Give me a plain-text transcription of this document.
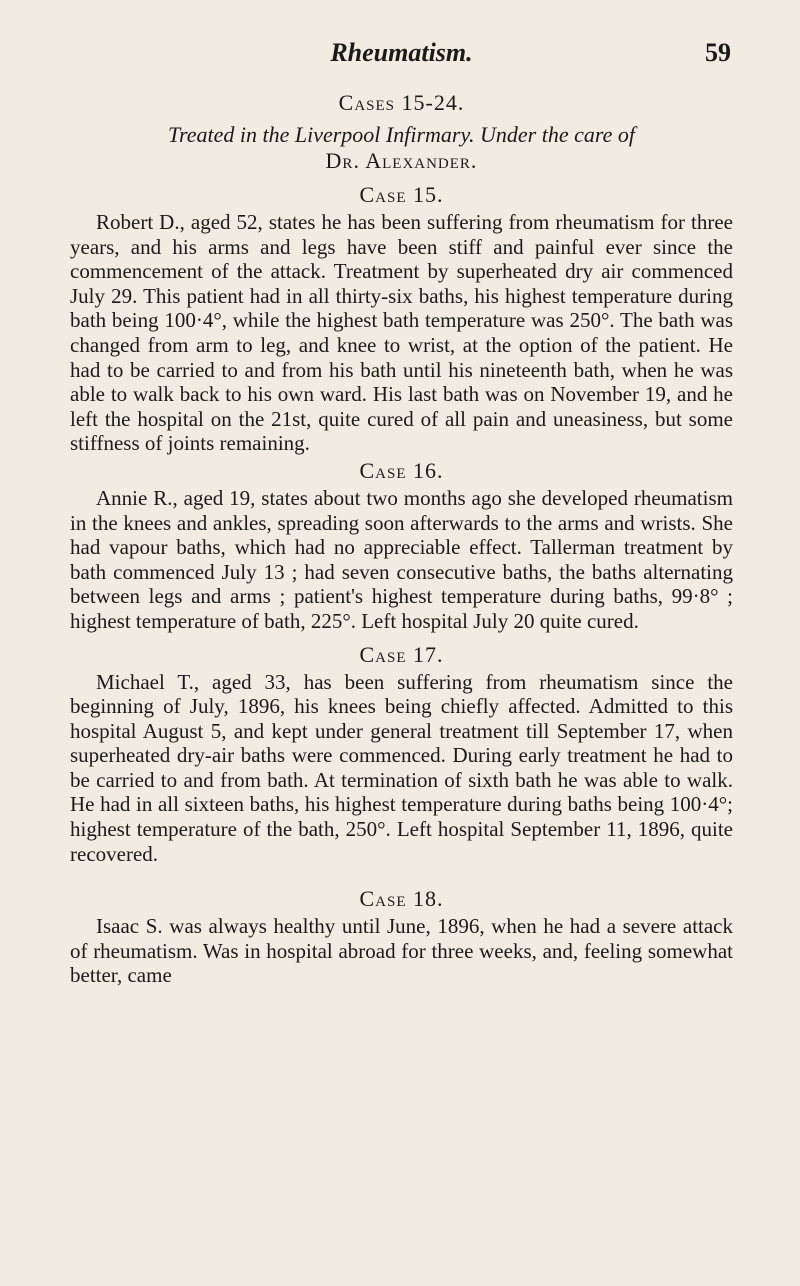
Rheumatism.	59
Cases 15-24.
Treated in the Liverpool Infirmary. Under the care of
Dr. Alexander.
Case 15.

Robert D., aged 52, states he has been suffering from rheumatism for three years, and his arms and legs have been stiff and painful ever since the commencement of the attack. Treatment by superheated dry air commenced July 29. This patient had in all thirty-six baths, his highest temperature during bath being 100·4°, while the highest bath temperature was 250°. The bath was changed from arm to leg, and knee to wrist, at the option of the patient. He had to be carried to and from his bath until his nineteenth bath, when he was able to walk back to his own ward. His last bath was on November 19, and he left the hospital on the 21st, quite cured of all pain and uneasiness, but some stiffness of joints remaining.

Case 16.

Annie R., aged 19, states about two months ago she developed rheumatism in the knees and ankles, spreading soon afterwards to the arms and wrists. She had vapour baths, which had no appreciable effect. Tallerman treatment by bath commenced July 13 ; had seven consecutive baths, the baths alternating between legs and arms ; patient's highest temperature during baths, 99·8° ; highest temperature of bath, 225°. Left hospital July 20 quite cured.

Case 17.

Michael T., aged 33, has been suffering from rheumatism since the beginning of July, 1896, his knees being chiefly affected. Admitted to this hospital August 5, and kept under general treatment till September 17, when superheated dry-air baths were commenced. During early treatment he had to be carried to and from bath. At termination of sixth bath he was able to walk. He had in all sixteen baths, his highest temperature during baths being 100·4°; highest temperature of the bath, 250°. Left hospital September 11, 1896, quite recovered.

Case 18.

Isaac S. was always healthy until June, 1896, when he had a severe attack of rheumatism. Was in hospital abroad for three weeks, and, feeling somewhat better, came
